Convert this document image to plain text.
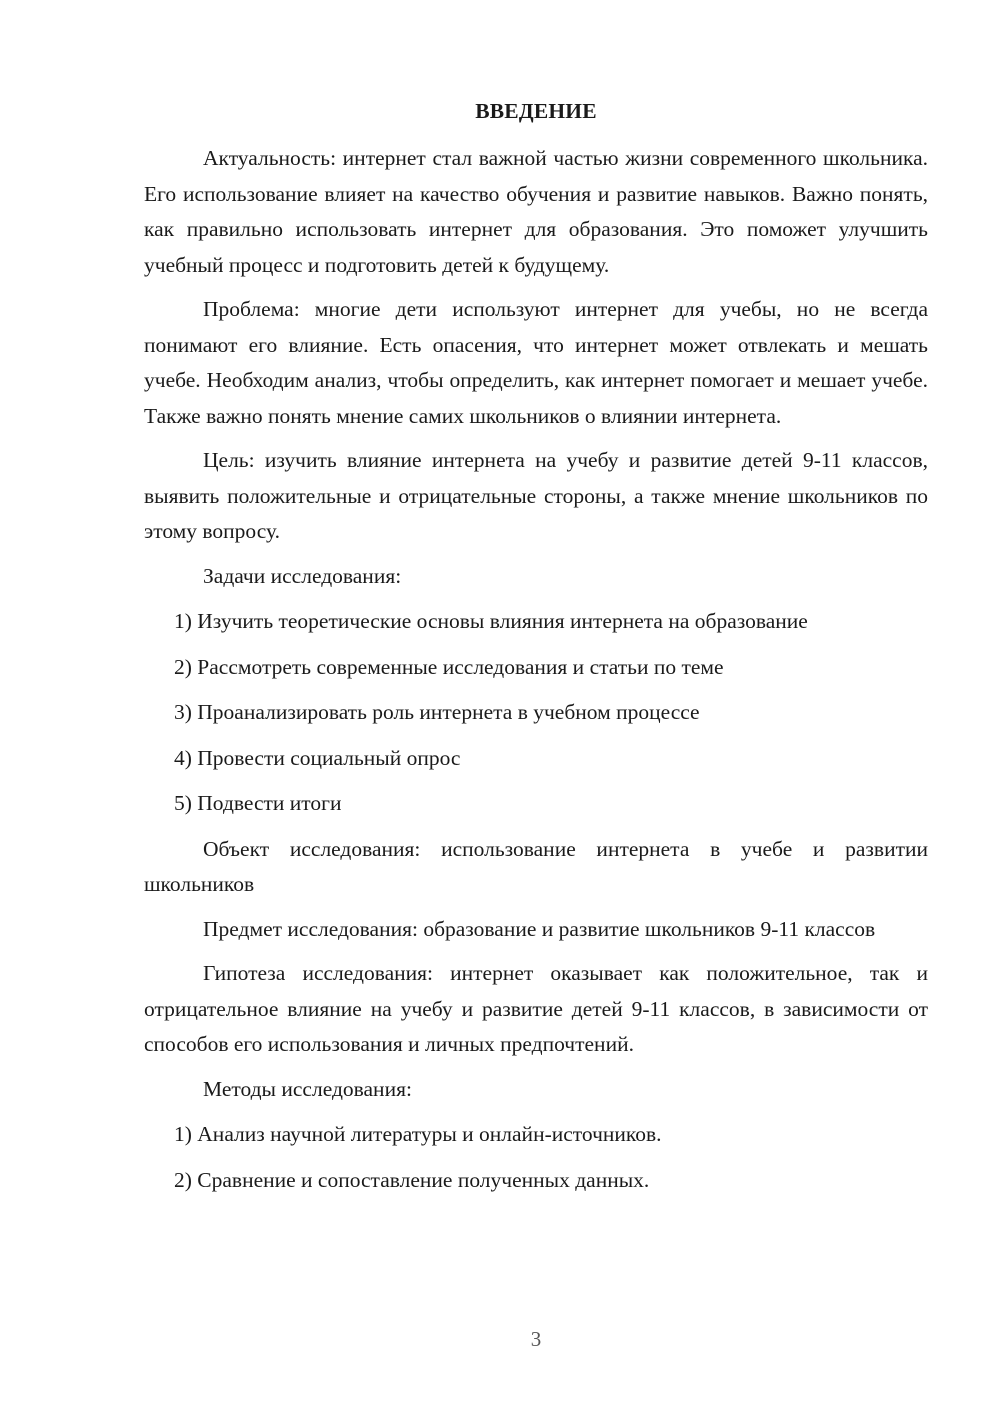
ВВЕДЕНИЕ

Актуальность: интернет стал важной частью жизни современного школьника. Его использование влияет на качество обучения и развитие навыков. Важно понять, как правильно использовать интернет для образования. Это поможет улучшить учебный процесс и подготовить детей к будущему.

Проблема: многие дети используют интернет для учебы, но не всегда понимают его влияние. Есть опасения, что интернет может отвлекать и мешать учебе. Необходим анализ, чтобы определить, как интернет помогает и мешает учебе. Также важно понять мнение самих школьников о влиянии интернета.

Цель: изучить влияние интернета на учебу и развитие детей 9-11 классов, выявить положительные и отрицательные стороны, а также мнение школьников по этому вопросу.

Задачи исследования:
1) Изучить теоретические основы влияния интернета на образование
2) Рассмотреть современные исследования и статьи по теме
3) Проанализировать роль интернета в учебном процессе
4) Провести социальный опрос
5) Подвести итоги

Объект исследования: использование интернета в учебе и развитии школьников

Предмет исследования: образование и развитие школьников 9-11 классов

Гипотеза исследования: интернет оказывает как положительное, так и отрицательное влияние на учебу и развитие детей 9-11 классов, в зависимости от способов его использования и личных предпочтений.

Методы исследования:
1) Анализ научной литературы и онлайн-источников.
2) Сравнение и сопоставление полученных данных.
3
